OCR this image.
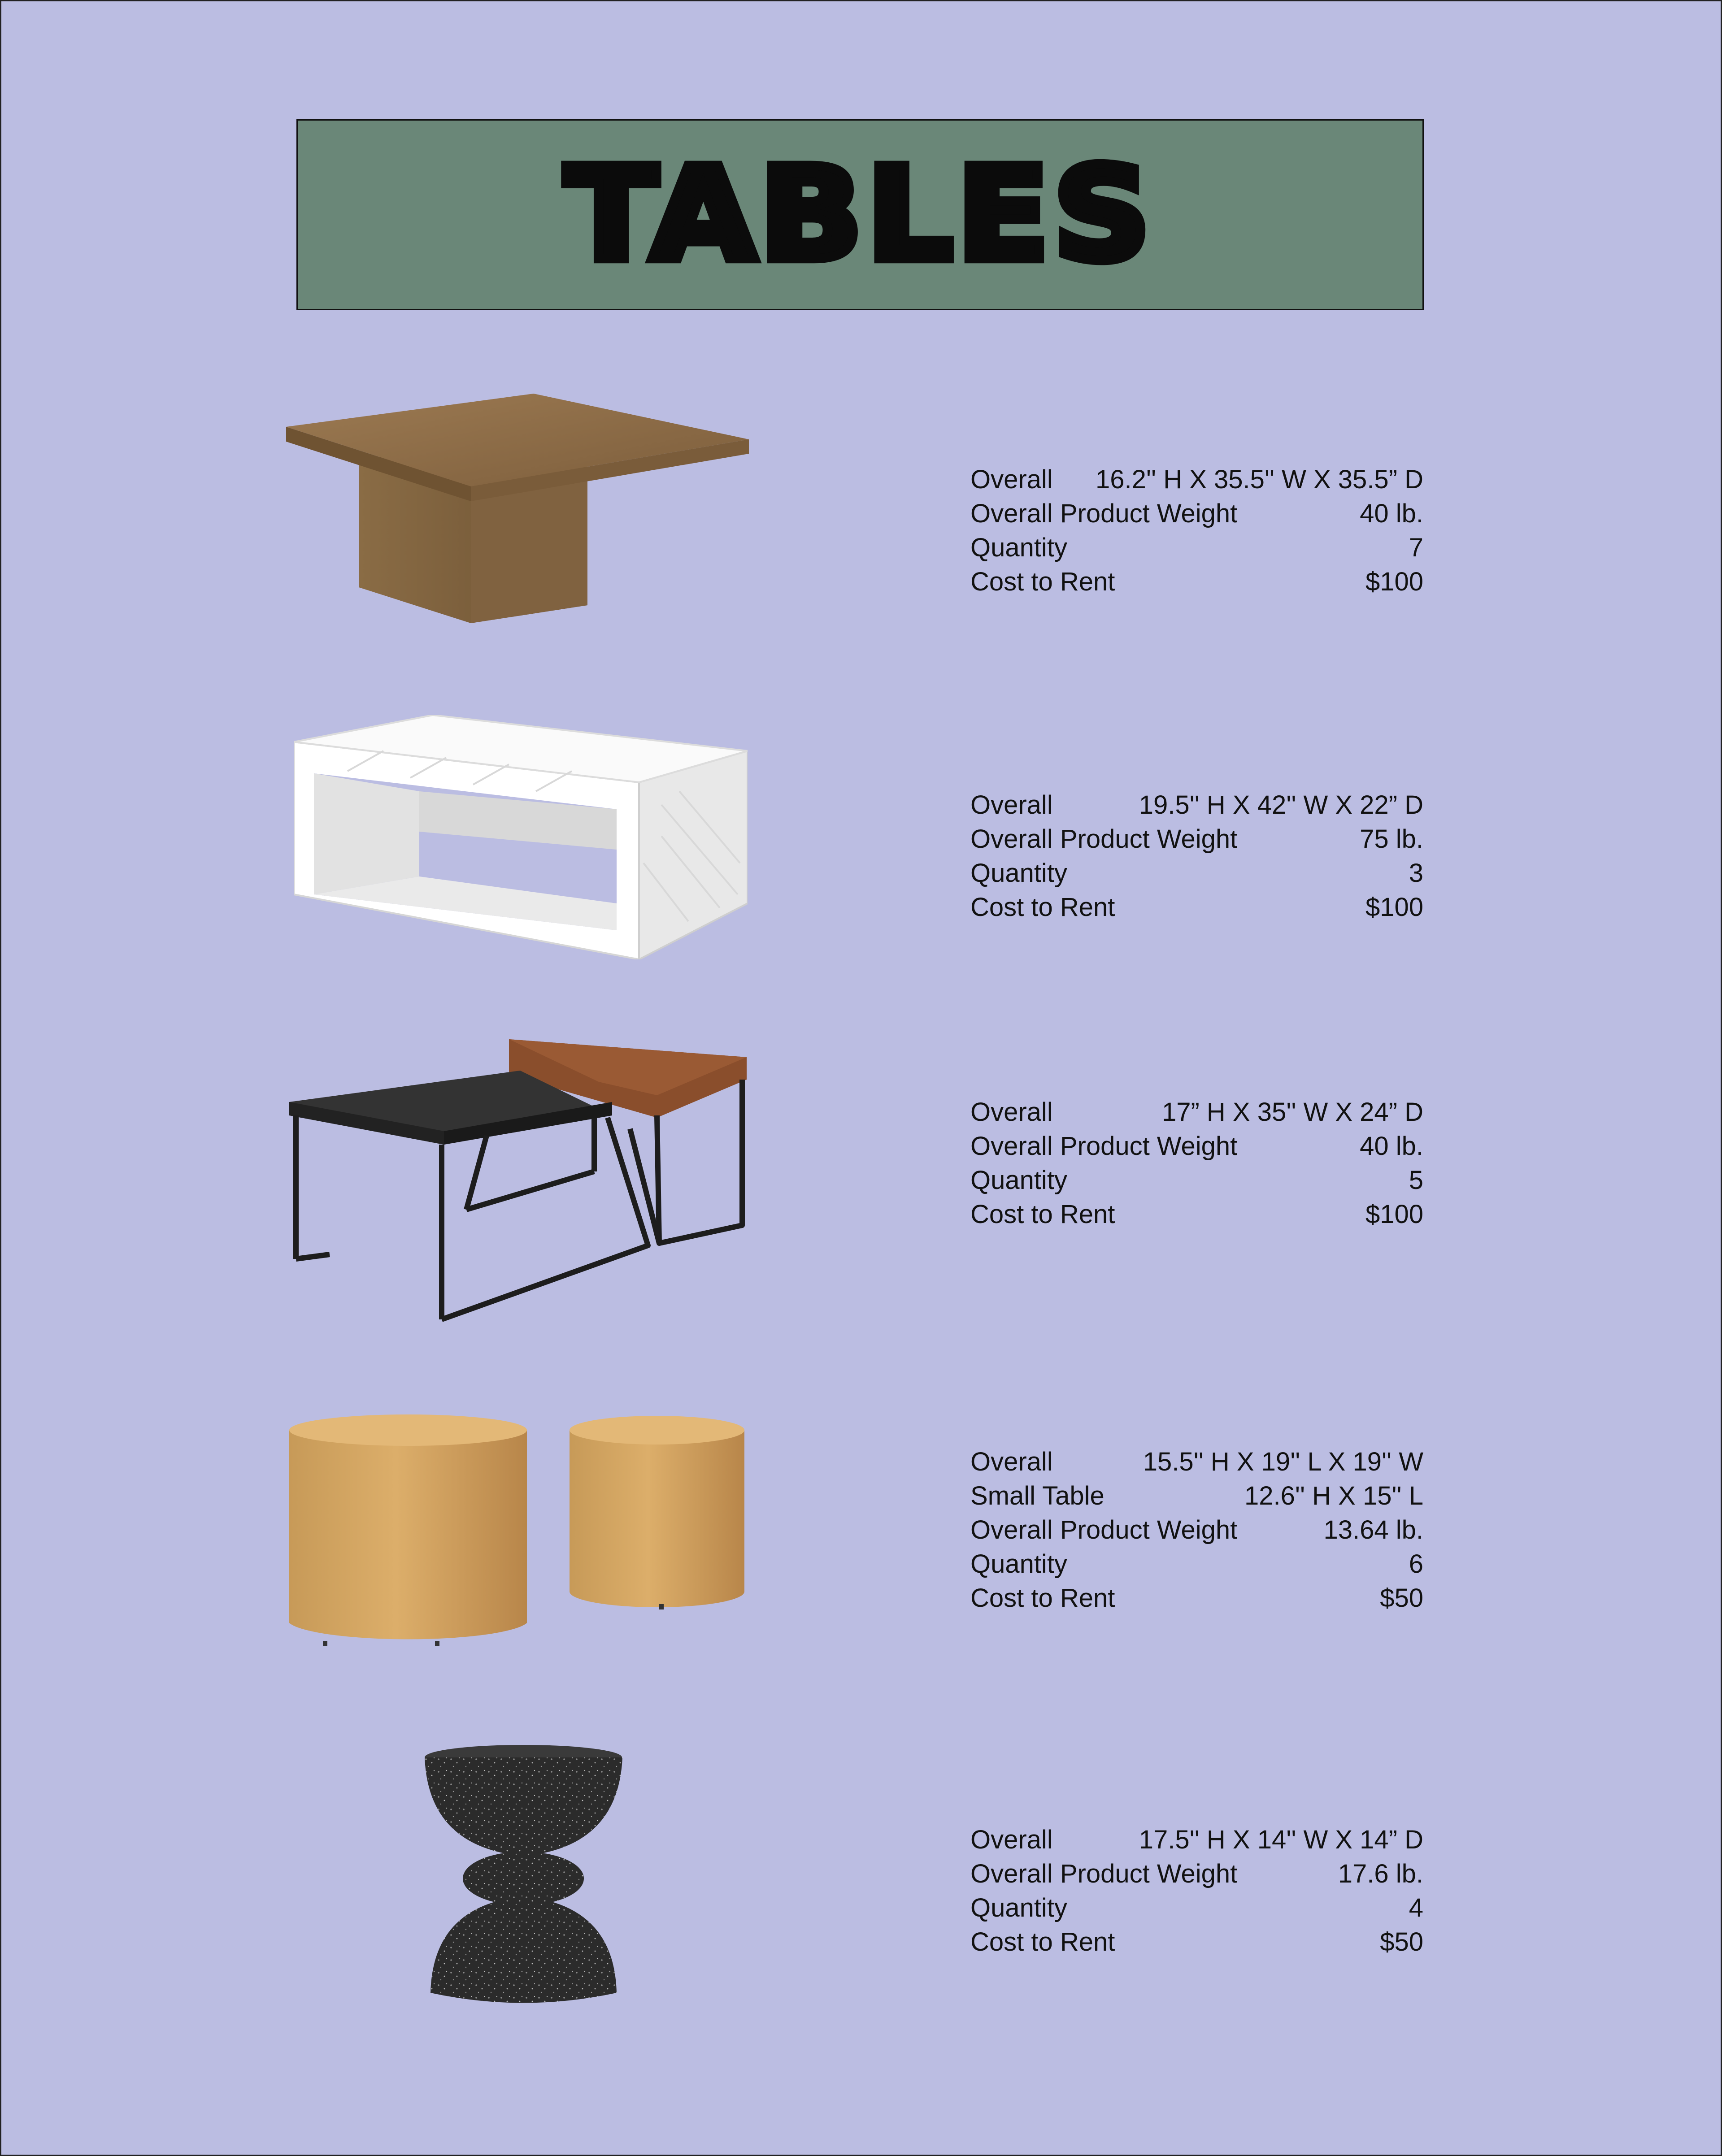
TABLES
Overall 16.2'' H X 35.5'' W X 35.5” D
Overall Product Weight	40 lb.
Quantity	7
Cost to Rent	$100
Overall	19.5'' H X 42'' W X 22” D
Overall Product Weight	75 lb.
Quantity	3
Cost to Rent	$100
Overall	17” H X 35'' W X 24” D
Overall Product Weight	40 lb.
Quantity	5
Cost to Rent	$100
Overall	15.5'' H X 19'' L X 19'' W
Small Table	12.6'' H X 15'' L
Overall Product Weight	13.64 lb.
Quantity	6
Cost to Rent	$50
Overall	17.5'' H X 14'' W X 14” D
Overall Product Weight	17.6 lb.
Quantity	4
Cost to Rent	$50
